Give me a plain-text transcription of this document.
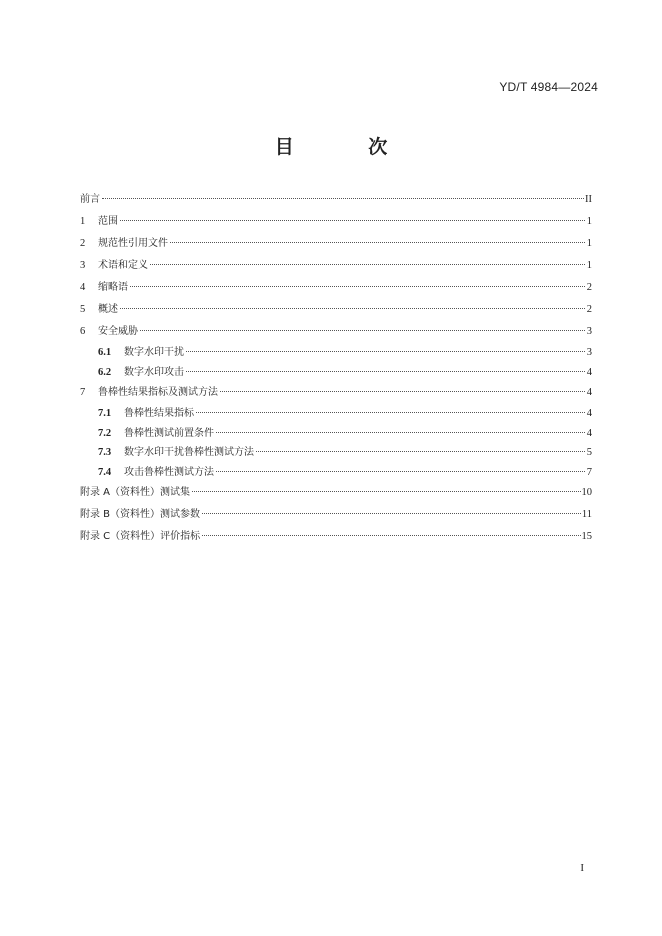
YD/T 4984—2024
目 次
前言	II
1	范围	1
2	规范性引用文件	1
3	术语和定义	1
4	缩略语	2
5	概述	2
6	安全威胁	3
6.1	数字水印干扰	3
6.2	数字水印攻击	4
7	鲁棒性结果指标及测试方法	4
7.1	鲁棒性结果指标	4
7.2	鲁棒性测试前置条件	4
7.3	数字水印干扰鲁棒性测试方法	5
7.4	攻击鲁棒性测试方法	7
附录 A（资料性）测试集	10
附录 B（资料性）测试参数	11
附录 C（资料性）评价指标	15
I
